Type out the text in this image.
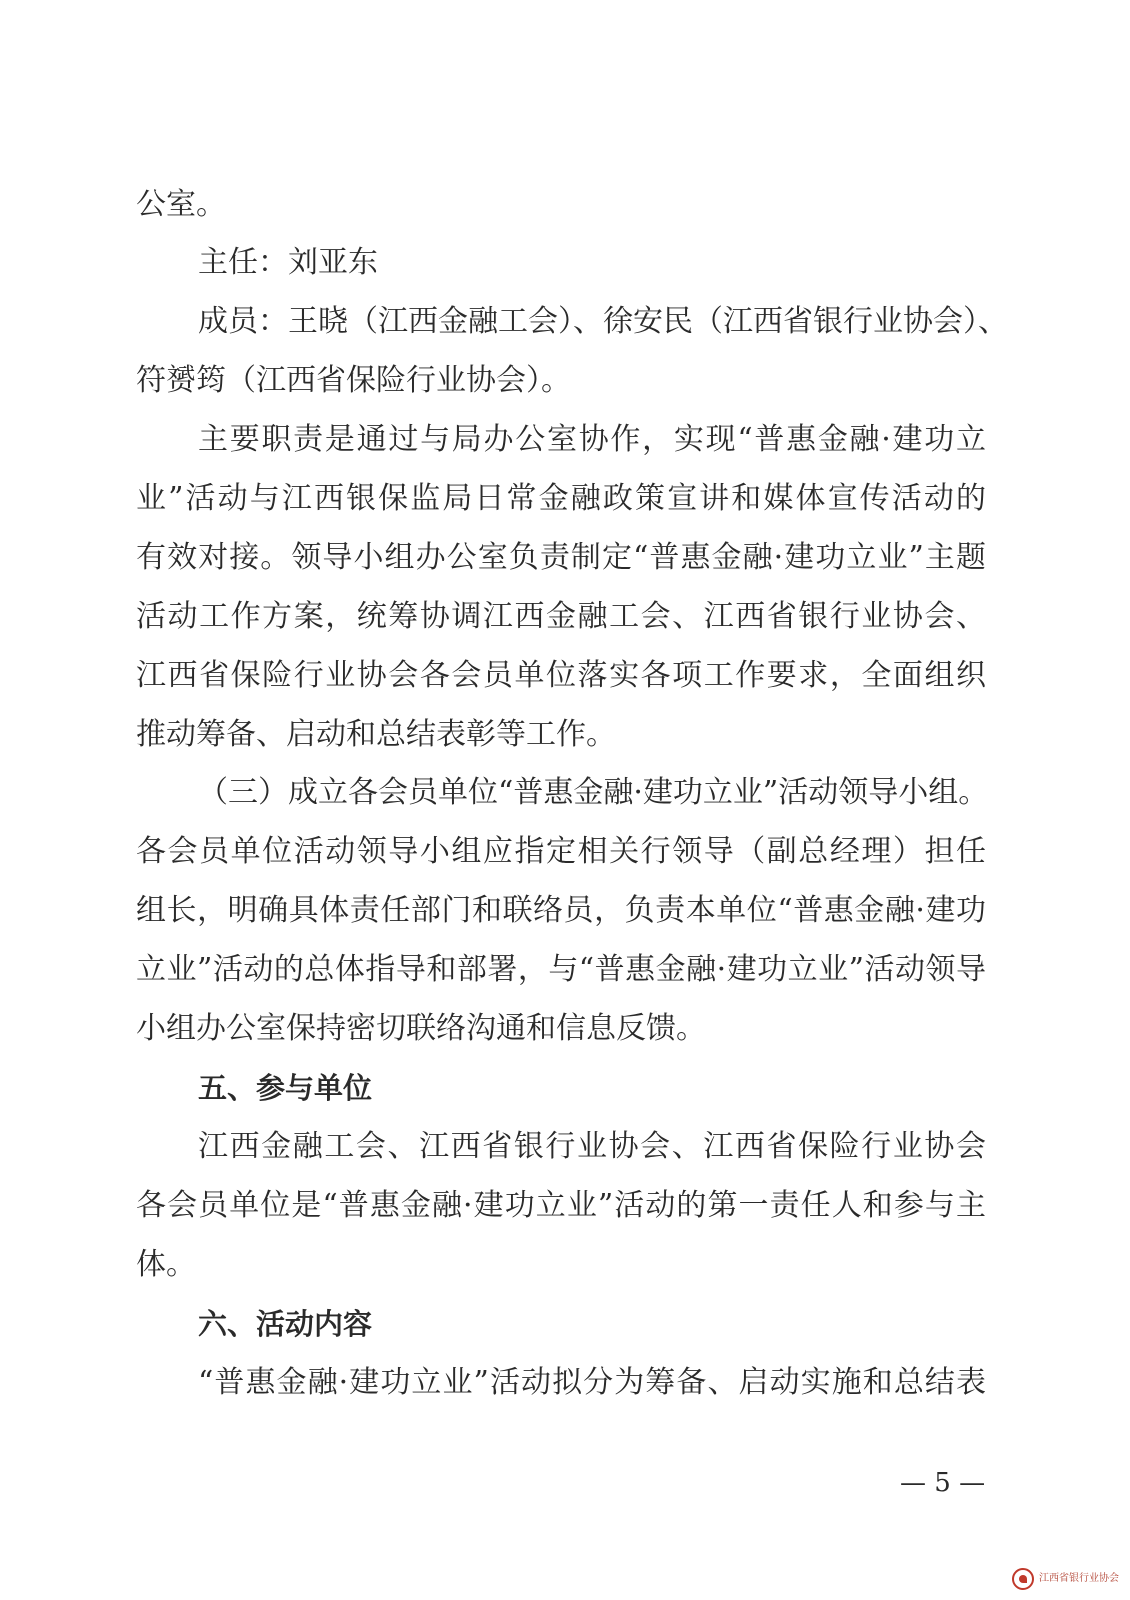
公室。
主任：刘亚东
成员：王晓（江西金融工会）、徐安民（江西省银行业协会）、
符赟筠（江西省保险行业协会）。
主要职责是通过与局办公室协作，实现“普惠金融·建功立
业”活动与江西银保监局日常金融政策宣讲和媒体宣传活动的
有效对接。领导小组办公室负责制定“普惠金融·建功立业”主题
活动工作方案，统筹协调江西金融工会、江西省银行业协会、
江西省保险行业协会各会员单位落实各项工作要求，全面组织
推动筹备、启动和总结表彰等工作。
（三）成立各会员单位“普惠金融·建功立业”活动领导小组。
各会员单位活动领导小组应指定相关行领导（副总经理）担任
组长，明确具体责任部门和联络员，负责本单位“普惠金融·建功
立业”活动的总体指导和部署，与“普惠金融·建功立业”活动领导
小组办公室保持密切联络沟通和信息反馈。
五、参与单位
江西金融工会、江西省银行业协会、江西省保险行业协会
各会员单位是“普惠金融·建功立业”活动的第一责任人和参与主
体。
六、活动内容
“普惠金融·建功立业”活动拟分为筹备、启动实施和总结表
— 5 —
江西省银行业协会
